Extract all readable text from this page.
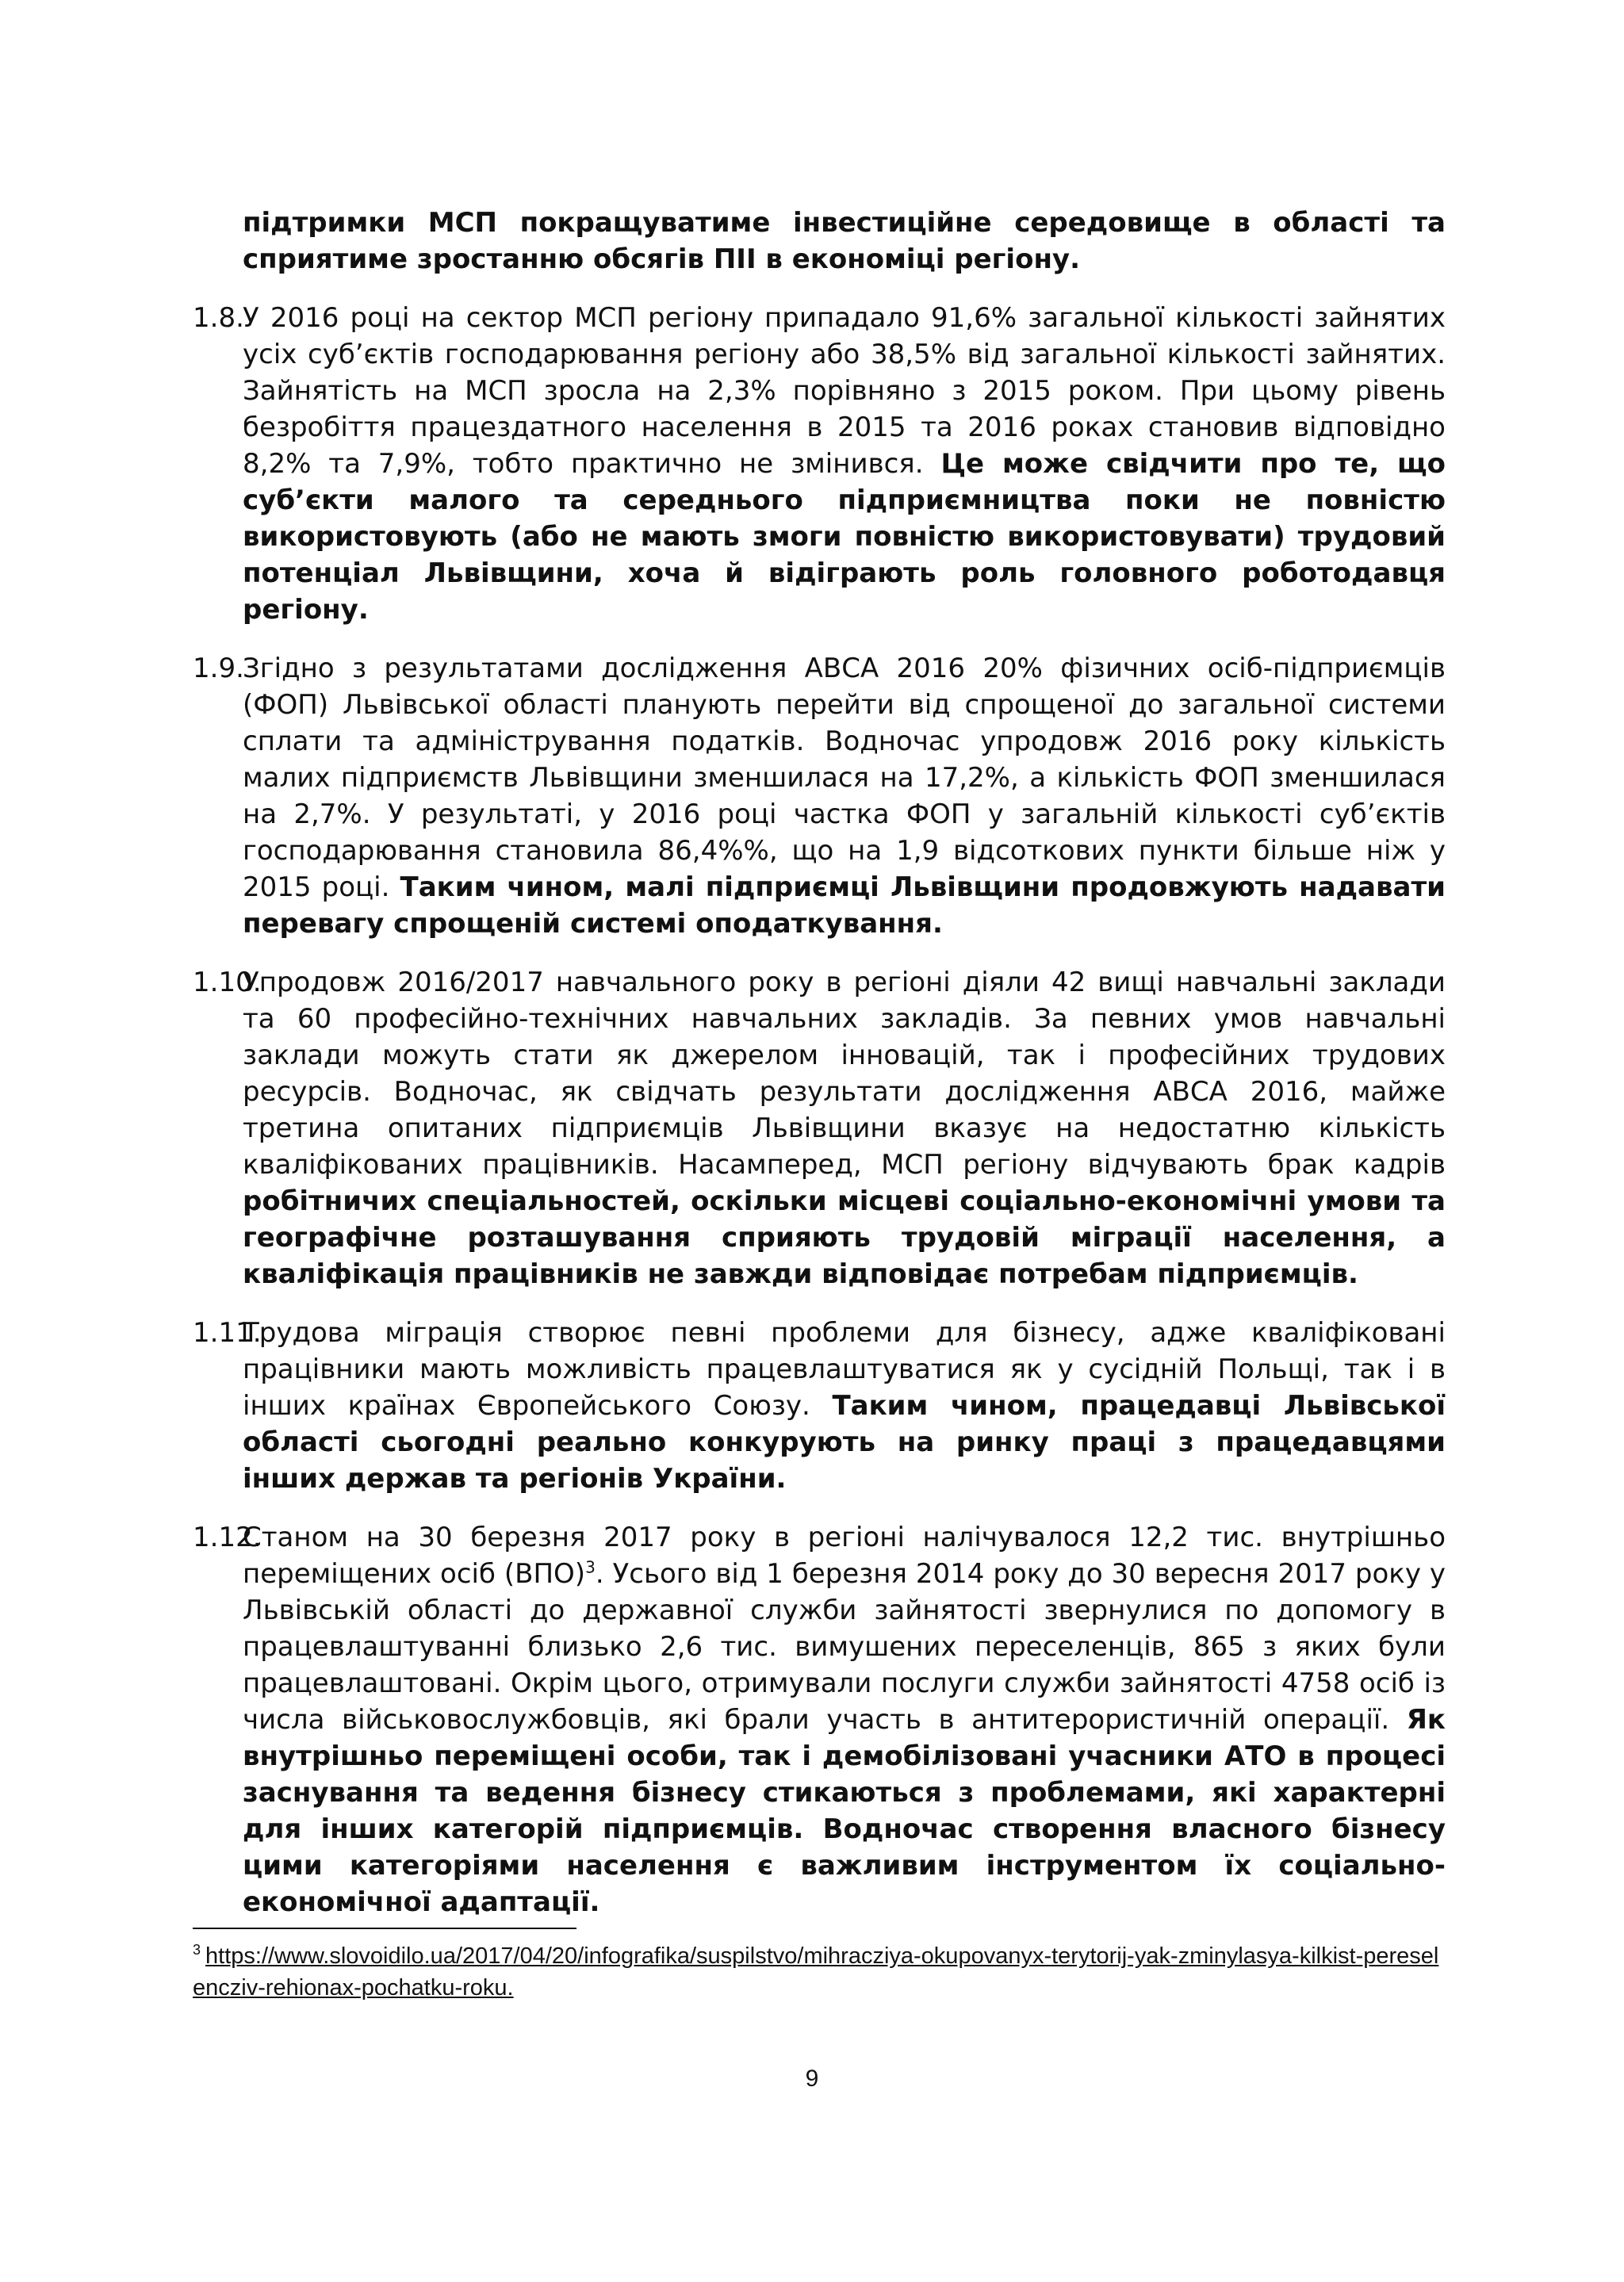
підтримки МСП покращуватиме інвестиційне середовище в області та сприятиме зростанню обсягів ПІІ в економіці регіону.

1.8.
У 2016 році на сектор МСП регіону припадало 91,6% загальної кількості зайнятих усіх суб’єктів господарювання регіону або 38,5% від загальної кількості зайнятих. Зайнятість на МСП зросла на 2,3% порівняно з 2015 роком. При цьому рівень безробіття працездатного населення в 2015 та 2016 роках становив відповідно 8,2% та 7,9%, тобто практично не змінився. Це може свідчити про те, що суб’єкти малого та середнього підприємництва поки не повністю використовують (або не мають змоги повністю використовувати) трудовий потенціал Львівщини, хоча й відіграють роль головного роботодавця регіону.
1.9.
Згідно з результатами дослідження АВСА 2016 20% фізичних осіб-підприємців (ФОП) Львівської області планують перейти від спрощеної до загальної системи сплати та адміністрування податків. Водночас упродовж 2016 року кількість малих підприємств Львівщини зменшилася на 17,2%, а кількість ФОП зменшилася на 2,7%. У результаті, у 2016 році частка ФОП у загальній кількості суб’єктів господарювання становила 86,4%%, що на 1,9 відсоткових пункти більше ніж у 2015 році. Таким чином, малі підприємці Львівщини продовжують надавати перевагу спрощеній системі оподаткування.
1.10.
Упродовж 2016/2017 навчального року в регіоні діяли 42 вищі навчальні заклади та 60 професійно-технічних навчальних закладів. За певних умов навчальні заклади можуть стати як джерелом інновацій, так і професійних трудових ресурсів. Водночас, як свідчать результати дослідження АВСА 2016, майже третина опитаних підприємців Львівщини вказує на недостатню кількість кваліфікованих працівників. Насамперед, МСП регіону відчувають брак кадрів робітничих спеціальностей, оскільки місцеві соціально-економічні умови та географічне розташування сприяють трудовій міграції населення, а кваліфікація працівників не завжди відповідає потребам підприємців.
1.11.
Трудова міграція створює певні проблеми для бізнесу, адже кваліфіковані працівники мають можливість працевлаштуватися як у сусідній Польщі, так і в інших країнах Європейського Союзу. Таким чином, працедавці Львівської області сьогодні реально конкурують на ринку праці з працедавцями інших держав та регіонів України.
1.12.
Станом на 30 березня 2017 року в регіоні налічувалося 12,2 тис. внутрішньо переміщених осіб (ВПО)$^3$. Усього від 1 березня 2014 року до 30 вересня 2017 року у Львівській області до державної служби зайнятості звернулися по допомогу в працевлаштуванні близько 2,6 тис. вимушених переселенців, 865 з яких були працевлаштовані. Окрім цього, отримували послуги служби зайнятості 4758 осіб із числа військовослужбовців, які брали участь в антитерористичній операції. Як внутрішньо переміщені особи, так і демобілізовані учасники АТО в процесі заснування та ведення бізнесу стикаються з проблемами, які характерні для інших категорій підприємців. Водночас створення власного бізнесу цими категоріями населення є важливим інструментом їх соціально-економічної адаптації.
$^3$ https://www.slovoidilo.ua/2017/04/20/infografika/suspilstvo/mihracziya-okupovanyx-terytorij-yak-zminylasya-kilkist-pereselencziv-rehionax-pochatku-roku.
9
